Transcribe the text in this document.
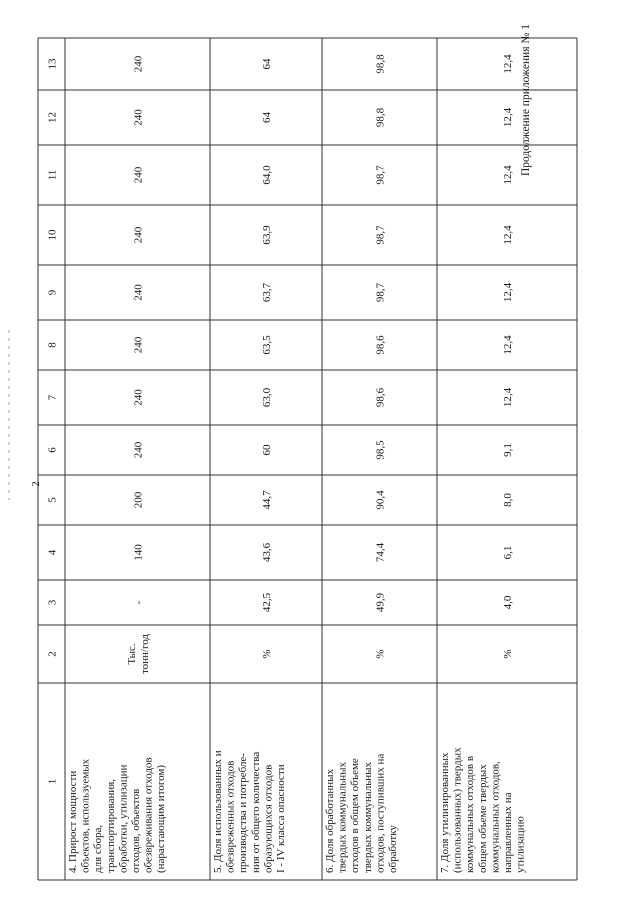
2
Продолжение приложения № 1
1
2
3
4
5
6
7
8
9
10
11
12
13
4. Прирост мощностиобъектов, используемыхдля сбора,транспортирования,обработки, утилизацииотходов, объектовобезвреживания отходов(нарастающим итогом)
Тыс.тонн/год
-
140
200
240
240
240
240
240
240
240
240
5. Доля использованных иобезвреженных отходовпроизводства и потребле-ния от общего количестваобразующихся отходовI - IV класса опасности
%
42,5
43,6
44,7
60
63,0
63,5
63,7
63,9
64,0
64
64
6. Доля обработанныхтвердых коммунальныхотходов в общем объеметвердых коммунальныхотходов, поступивших наобработку
%
49,9
74,4
90,4
98,5
98,6
98,6
98,7
98,7
98,7
98,8
98,8
7. Доля утилизированных(использованных) твердыхкоммунальных отходов вобщем объеме твердыхкоммунальных отходов,направленных наутилизацию
%
4,0
6,1
8,0
9,1
12,4
12,4
12,4
12,4
12,4
12,4
12,4
